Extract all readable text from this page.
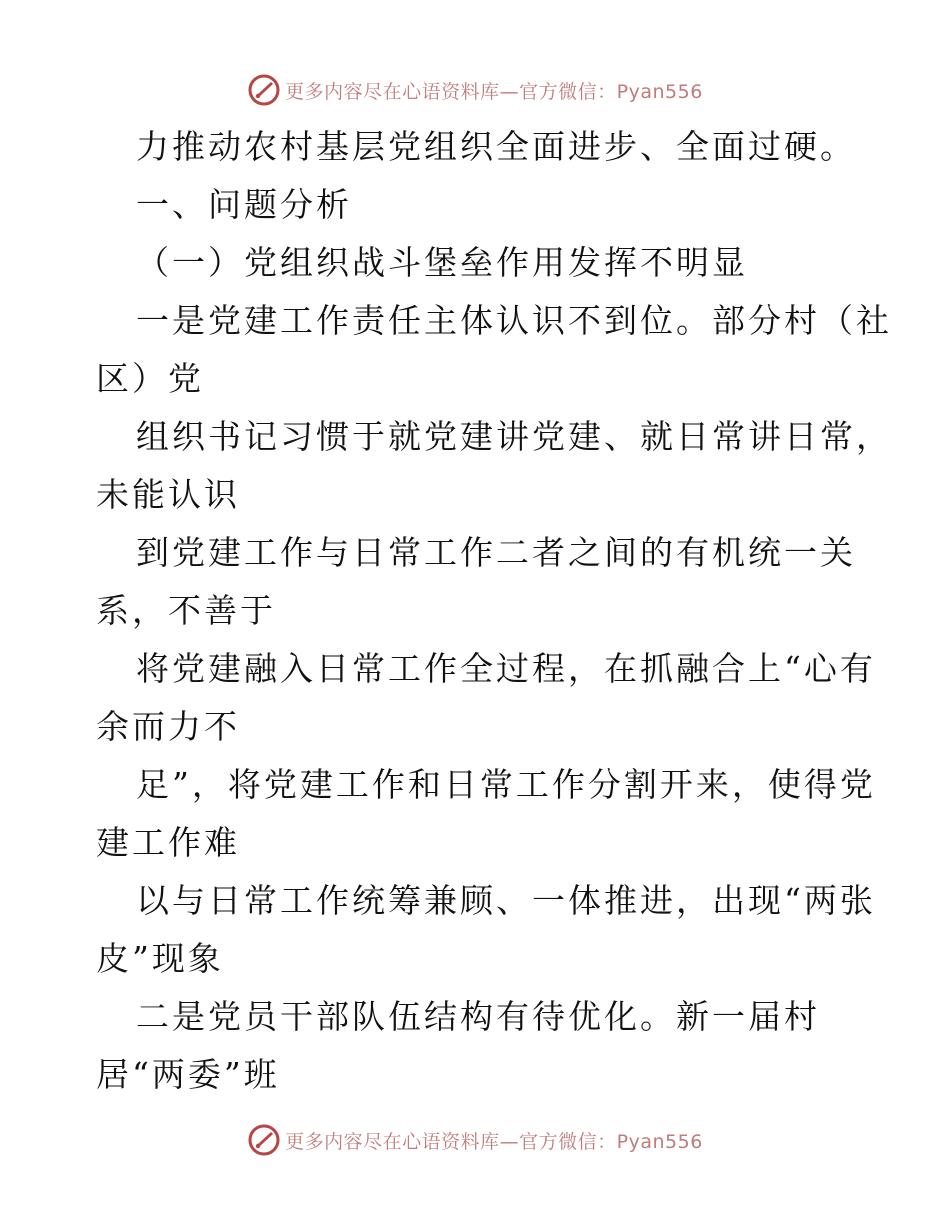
更多内容尽在心语资料库—官方微信：Pyan556
力推动农村基层党组织全面进步、全面过硬。
一、问题分析
（一）党组织战斗堡垒作用发挥不明显
一是党建工作责任主体认识不到位。部分村（社
区）党
组织书记习惯于就党建讲党建、就日常讲日常，
未能认识
到党建工作与日常工作二者之间的有机统一关
系，不善于
将党建融入日常工作全过程，在抓融合上“心有
余而力不
足”，将党建工作和日常工作分割开来，使得党
建工作难
以与日常工作统筹兼顾、一体推进，出现“两张
皮”现象
二是党员干部队伍结构有待优化。新一届村
居“两委”班
更多内容尽在心语资料库—官方微信：Pyan556
